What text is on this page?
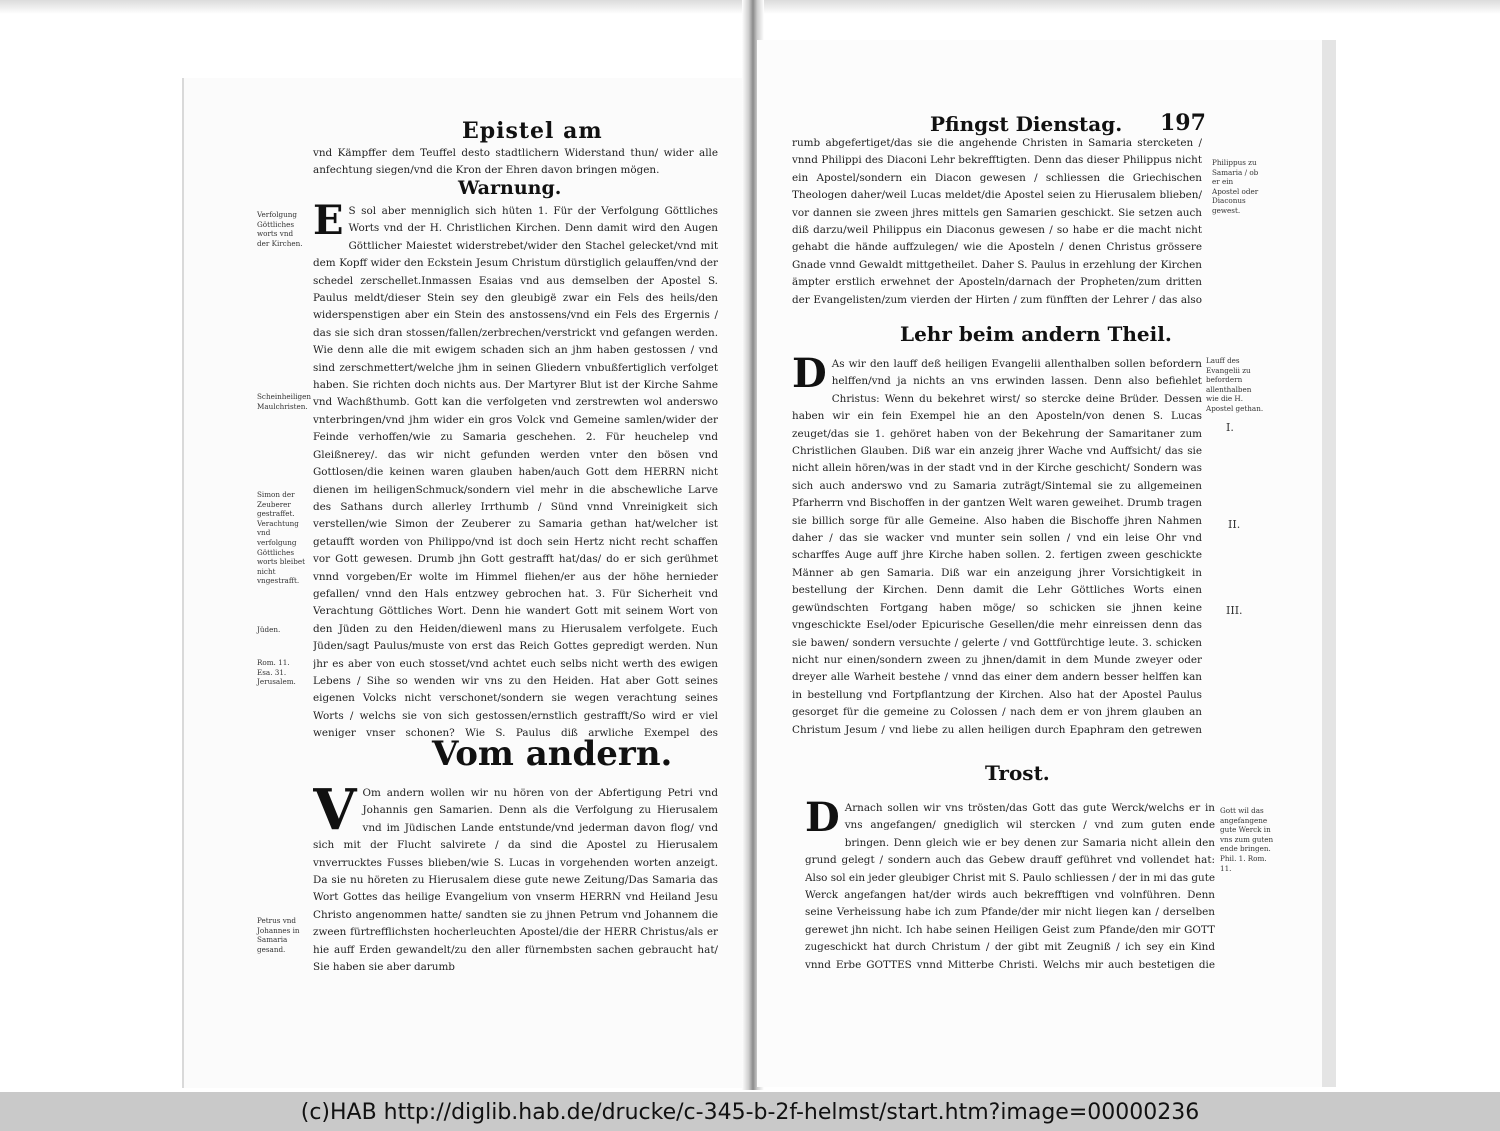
Epistel am
vnd Kämpffer dem Teuffel desto stadtlichern Widerstand thun/ wider alle anfechtung siegen/vnd die Kron der Ehren davon bringen mögen.
Warnung.
E S sol aber menniglich sich hüten 1. Für der Verfolgung Göttliches Worts vnd der H. Christlichen Kirchen. Denn damit wird den Augen Göttlicher Maiestet widerstrebet/wider den Stachel gelecket/vnd mit dem Kopff wider den Eckstein Jesum Christum dürstiglich gelauffen/vnd der schedel zerschellet.Inmassen Esaias vnd aus demselben der Apostel S. Paulus meldt/dieser Stein sey den gleubigë zwar ein Fels des heils/den widerspenstigen aber ein Stein des anstossens/vnd ein Fels des Ergernis / das sie sich dran stossen/fallen/zerbrechen/verstrickt vnd gefangen werden. Wie denn alle die mit ewigem schaden sich an jhm haben gestossen / vnd sind zerschmettert/welche jhm in seinen Gliedern vnbußfertiglich verfolget haben. Sie richten doch nichts aus. Der Martyrer Blut ist der Kirche Sahme vnd Wachßthumb. Gott kan die verfolgeten vnd zerstrewten wol anderswo vnterbringen/vnd jhm wider ein gros Volck vnd Gemeine samlen/wider der Feinde verhoffen/wie zu Samaria geschehen. 2. Für heuchelep vnd Gleißnerey/. das wir nicht gefunden werden vnter den bösen vnd Gottlosen/die keinen waren glauben haben/auch Gott dem HERRN nicht dienen im heiligenSchmuck/sondern viel mehr in die abschewliche Larve des Sathans durch allerley Irrthumb / Sünd vnnd Vnreinigkeit sich verstellen/wie Simon der Zeuberer zu Samaria gethan hat/welcher ist getaufft worden von Philippo/vnd ist doch sein Hertz nicht recht schaffen vor Gott gewesen. Drumb jhn Gott gestrafft hat/das/ do er sich gerühmet vnnd vorgeben/Er wolte im Himmel fliehen/er aus der höhe hernieder gefallen/ vnnd den Hals entzwey gebrochen hat. 3. Für Sicherheit vnd Verachtung Göttliches Wort. Denn hie wandert Gott mit seinem Wort von den Jüden zu den Heiden/diewenl mans zu Hierusalem verfolgete. Euch Jüden/sagt Paulus/muste von erst das Reich Gottes gepredigt werden. Nun jhr es aber von euch stosset/vnd achtet euch selbs nicht werth des ewigen Lebens / Sihe so wenden wir vns zu den Heiden. Hat aber Gott seines eigenen Volcks nicht verschonet/sondern sie wegen verachtung seines Worts / welchs sie von sich gestossen/ernstlich gestrafft/So wird er viel weniger vnser schonen? Wie S. Paulus diß arwliche Exempel des
Vom andern.
V Om andern wollen wir nu hören von der Abfertigung Petri vnd Johannis gen Samarien. Denn als die Verfolgung zu Hierusalem vnd im Jüdischen Lande entstunde/vnd jederman davon flog/ vnd sich mit der Flucht salvirete / da sind die Apostel zu Hierusalem vnverrucktes Fusses blieben/wie S. Lucas in vorgehenden worten anzeigt. Da sie nu höreten zu Hierusalem diese gute newe Zeitung/Das Samaria das Wort Gottes das heilige Evangelium von vnserm HERRN vnd Heiland Jesu Christo angenommen hatte/ sandten sie zu jhnen Petrum vnd Johannem die zween fürtrefflichsten hocherleuchten Apostel/die der HERR Christus/als er hie auff Erden gewandelt/zu den aller fürnembsten sachen gebraucht hat/ Sie haben sie aber darumb
Verfolgung Göttliches worts vnd der Kirchen.
Scheinheiligen Maulchristen.
Simon der Zeuberer gestraffet. Verachtung vnd verfolgung Göttliches worts bleibet nicht vngestrafft.
Jüden.
Rom. 11. Esa. 31. Jerusalem.
Petrus vnd Johannes in Samaria gesand.
Pfingst Dienstag. 197
rumb abgefertiget/das sie die angehende Christen in Samaria stercketen / vnnd Philippi des Diaconi Lehr bekrefftigten. Denn das dieser Philippus nicht ein Apostel/sondern ein Diacon gewesen / schliessen die Griechischen Theologen daher/weil Lucas meldet/die Apostel seien zu Hierusalem blieben/ vor dannen sie zween jhres mittels gen Samarien geschickt. Sie setzen auch diß darzu/weil Philippus ein Diaconus gewesen / so habe er die macht nicht gehabt die hände auffzulegen/ wie die Aposteln / denen Christus grössere Gnade vnnd Gewaldt mittgetheilet. Daher S. Paulus in erzehlung der Kirchen ämpter erstlich erwehnet der Aposteln/darnach der Propheten/zum dritten der Evangelisten/zum vierden der Hirten / zum fünfften der Lehrer / das also
Lehr beim andern Theil.
D As wir den lauff deß heiligen Evangelii allenthalben sollen befordern helffen/vnd ja nichts an vns erwinden lassen. Denn also befiehlet Christus: Wenn du bekehret wirst/ so stercke deine Brüder. Dessen haben wir ein fein Exempel hie an den Aposteln/von denen S. Lucas zeuget/das sie 1. gehöret haben von der Bekehrung der Samaritaner zum Christlichen Glauben. Diß war ein anzeig jhrer Wache vnd Auffsicht/ das sie nicht allein hören/was in der stadt vnd in der Kirche geschicht/ Sondern was sich auch anderswo vnd zu Samaria zuträgt/Sintemal sie zu allgemeinen Pfarherrn vnd Bischoffen in der gantzen Welt waren geweihet. Drumb tragen sie billich sorge für alle Gemeine. Also haben die Bischoffe jhren Nahmen daher / das sie wacker vnd munter sein sollen / vnd ein leise Ohr vnd scharffes Auge auff jhre Kirche haben sollen. 2. fertigen zween geschickte Männer ab gen Samaria. Diß war ein anzeigung jhrer Vorsichtigkeit in bestellung der Kirchen. Denn damit die Lehr Göttliches Worts einen gewündschten Fortgang haben möge/ so schicken sie jhnen keine vngeschickte Esel/oder Epicurische Gesellen/die mehr einreissen denn das sie bawen/ sondern versuchte / gelerte / vnd Gottfürchtige leute. 3. schicken nicht nur einen/sondern zween zu jhnen/damit in dem Munde zweyer oder dreyer alle Warheit bestehe / vnnd das einer dem andern besser helffen kan in bestellung vnd Fortpflantzung der Kirchen. Also hat der Apostel Paulus gesorget für die gemeine zu Colossen / nach dem er von jhrem glauben an Christum Jesum / vnd liebe zu allen heiligen durch Epaphram den getrewen
Trost.
D Arnach sollen wir vns trösten/das Gott das gute Werck/welchs er in vns angefangen/ gnediglich wil stercken / vnd zum guten ende bringen. Denn gleich wie er bey denen zur Samaria nicht allein den grund gelegt / sondern auch das Gebew drauff geführet vnd vollendet hat: Also sol ein jeder gleubiger Christ mit S. Paulo schliessen / der in mi das gute Werck angefangen hat/der wirds auch bekrefftigen vnd volnführen. Denn seine Verheissung habe ich zum Pfande/der mir nicht liegen kan / derselben gerewet jhn nicht. Ich habe seinen Heiligen Geist zum Pfande/den mir GOTT zugeschickt hat durch Christum / der gibt mit Zeugniß / ich sey ein Kind vnnd Erbe GOTTES vnnd Mitterbe Christi. Welchs mir auch bestetigen die
Philippus zu Samaria / ob er ein Apostel oder Diaconus gewest.
Lauff des Evangelii zu befordern allenthalben wie die H. Apostel gethan.
Gott wil das angefangene gute Werck in vns zum guten ende bringen. Phil. 1. Rom. 11.
I.
II.
III.
(c)HAB http://diglib.hab.de/drucke/c-345-b-2f-helmst/start.htm?image=00000236
